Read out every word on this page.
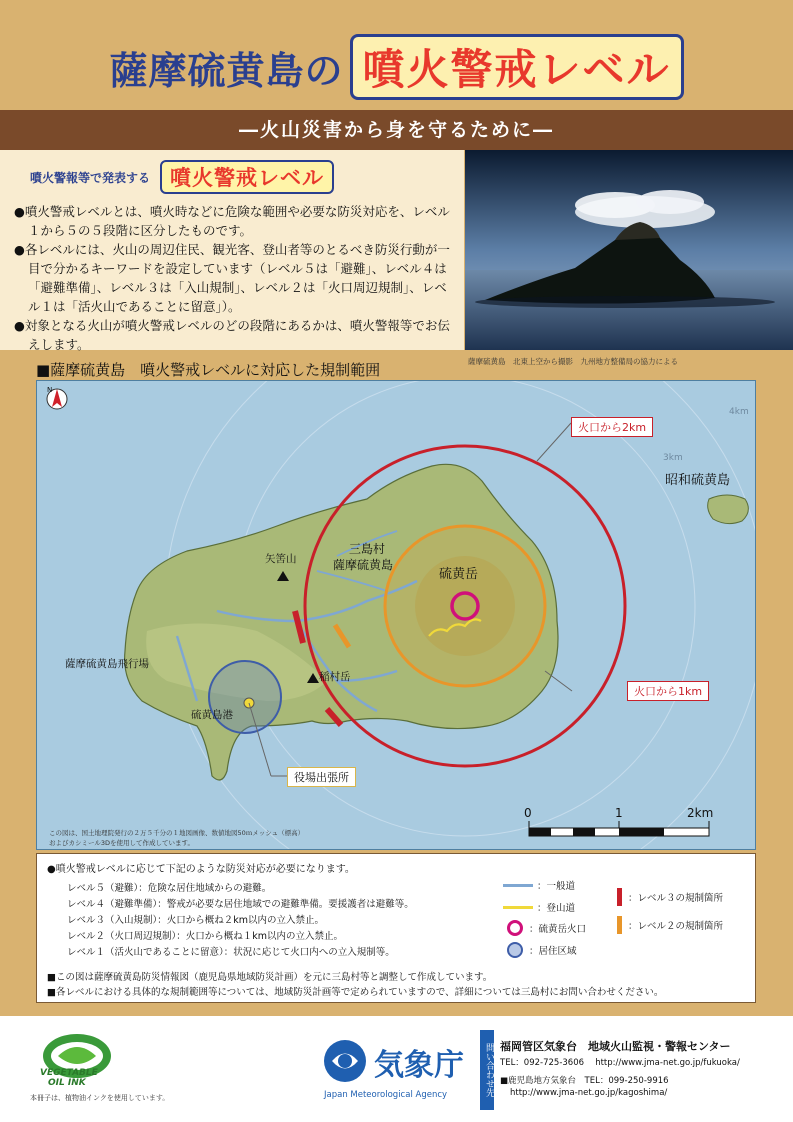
薩摩硫黄島の 噴火警戒レベル
―火山災害から身を守るために―
噴火警報等で発表する 噴火警戒レベル

●噴火警戒レベルとは、噴火時などに危険な範囲や必要な防災対応を、レベル１から５の５段階に区分したものです。

●各レベルには、火山の周辺住民、観光客、登山者等のとるべき防災行動が一目で分かるキーワードを設定しています（レベル５は「避難」、レベル４は「避難準備」、レベル３は「入山規制」、レベル２は「火口周辺規制」、レベル１は「活火山であることに留意」）。

●対象となる火山が噴火警戒レベルのどの段階にあるかは、噴火警報等でお伝えします。

薩摩硫黄島　北東上空から撮影　九州地方整備局の協力による
■薩摩硫黄島　噴火警戒レベルに対応した規制範囲
N
火口から2km
火口から1km
4km
3km
昭和硫黄島
三島村
薩摩硫黄島
硫黄岳
矢筈山
稲村岳
薩摩硫黄島飛行場
硫黄島港
役場出張所
0	1	2km
この図は、国土地理院発行の２万５千分の１地図画像、数値地図50ｍメッシュ（標高）
およびカシミール3Dを使用して作成しています。
●噴火警戒レベルに応じて下記のような防災対応が必要になります。
レベル５（避難）：危険な居住地域からの避難。
レベル４（避難準備）：警戒が必要な居住地域での避難準備。要援護者は避難等。
レベル３（入山規制）：火口から概ね２km以内の立入禁止。
レベル２（火口周辺規制）：火口から概ね１km以内の立入禁止。
レベル１（活火山であることに留意）：状況に応じて火口内への立入規制等。
：一般道
：登山道
：硫黄岳火口
：居住区域
：レベル３の規制箇所
：レベル２の規制箇所
■この図は薩摩硫黄島防災情報図（鹿児島県地域防災計画）を元に三島村等と調整して作成しています。
■各レベルにおける具体的な規制範囲等については、地域防災計画等で定められていますので、詳細については三島村にお問い合わせください。
VEGETABLE
OIL INK
本冊子は、植物油インクを使用しています。
気象庁
Japan Meteorological Agency	問い合わせ先 福岡管区気象台　地域火山監視・警報センター
TEL：092-725-3606　 http://www.jma-net.go.jp/fukuoka/
■鹿児島地方気象台　TEL：099-250-9916
http://www.jma-net.go.jp/kagoshima/
